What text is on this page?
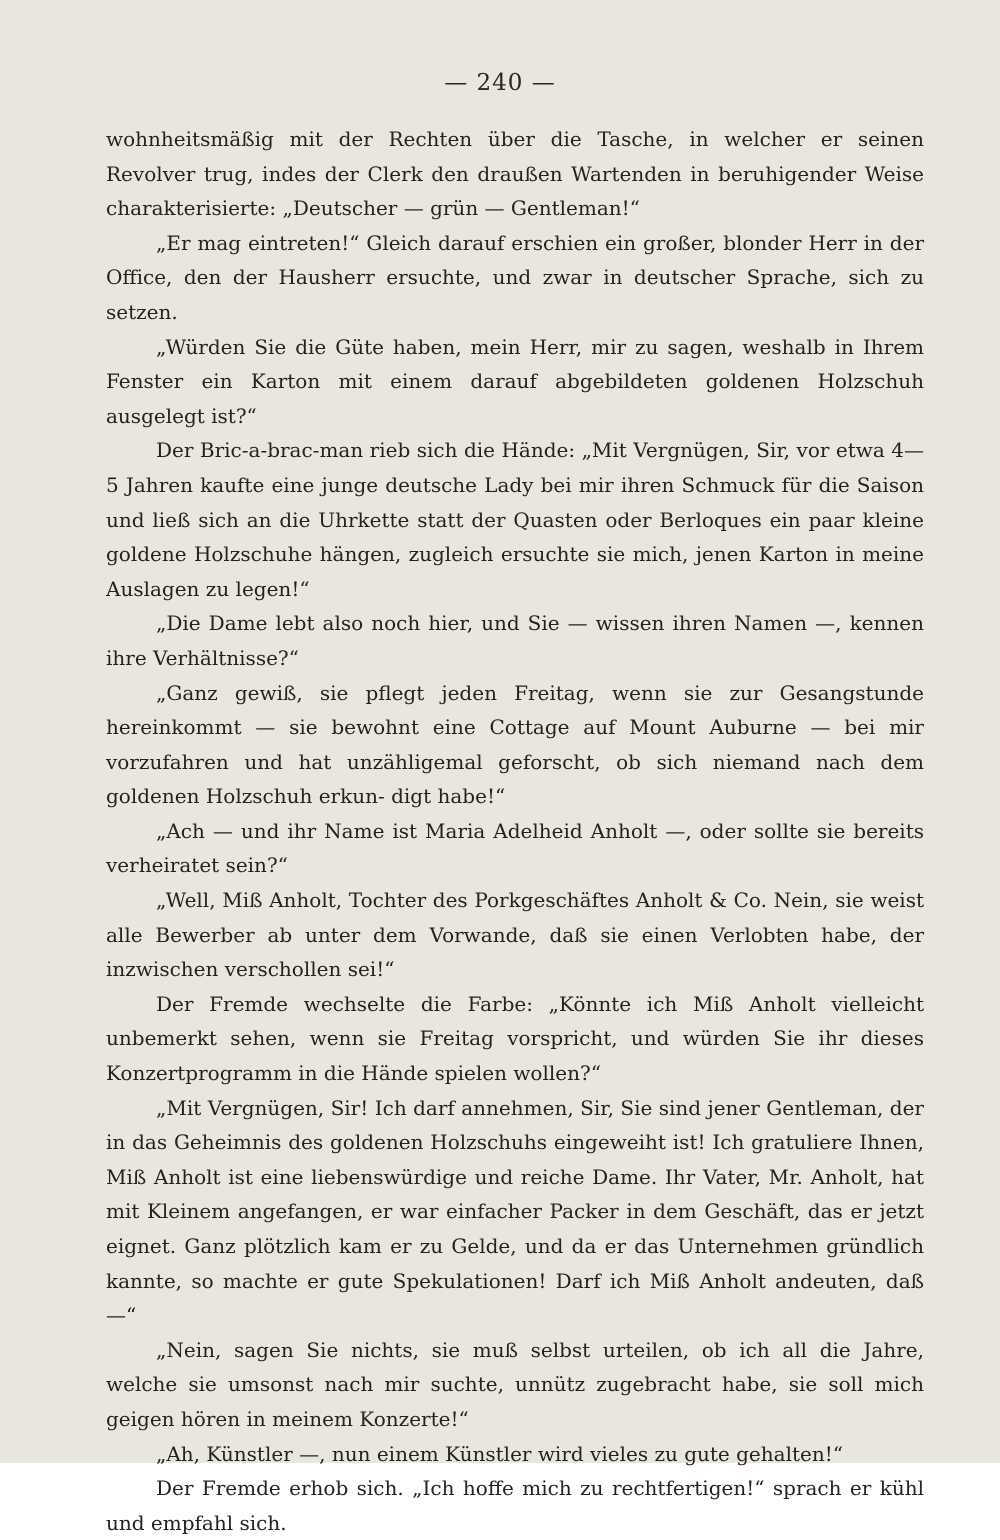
— 240 —

wohnheitsmäßig mit der Rechten über die Tasche, in welcher er seinen Revolver trug, indes der Clerk den draußen Wartenden in beruhigender Weise charakterisierte: „Deutscher — grün — Gentleman!“

„Er mag eintreten!“ Gleich darauf erschien ein großer, blonder Herr in der Office, den der Hausherr ersuchte, und zwar in deutscher Sprache, sich zu setzen.

„Würden Sie die Güte haben, mein Herr, mir zu sagen, weshalb in Ihrem Fenster ein Karton mit einem darauf abgebildeten goldenen Holzschuh ausgelegt ist?“

Der Bric-a-brac-man rieb sich die Hände: „Mit Vergnügen, Sir, vor etwa 4—5 Jahren kaufte eine junge deutsche Lady bei mir ihren Schmuck für die Saison und ließ sich an die Uhrkette statt der Quasten oder Berloques ein paar kleine goldene Holzschuhe hängen, zugleich ersuchte sie mich, jenen Karton in meine Auslagen zu legen!“

„Die Dame lebt also noch hier, und Sie — wissen ihren Namen —, kennen ihre Verhältnisse?“

„Ganz gewiß, sie pflegt jeden Freitag, wenn sie zur Gesangstunde hereinkommt — sie bewohnt eine Cottage auf Mount Auburne — bei mir vorzufahren und hat unzähligemal geforscht, ob sich niemand nach dem goldenen Holzschuh erkun- digt habe!“

„Ach — und ihr Name ist Maria Adelheid Anholt —, oder sollte sie bereits verheiratet sein?“

„Well, Miß Anholt, Tochter des Porkgeschäftes Anholt & Co. Nein, sie weist alle Bewerber ab unter dem Vorwande, daß sie einen Verlobten habe, der inzwischen verschollen sei!“

Der Fremde wechselte die Farbe: „Könnte ich Miß Anholt vielleicht unbemerkt sehen, wenn sie Freitag vorspricht, und würden Sie ihr dieses Konzertprogramm in die Hände spielen wollen?“

„Mit Vergnügen, Sir! Ich darf annehmen, Sir, Sie sind jener Gentleman, der in das Geheimnis des goldenen Holzschuhs eingeweiht ist! Ich gratuliere Ihnen, Miß Anholt ist eine liebenswürdige und reiche Dame. Ihr Vater, Mr. Anholt, hat mit Kleinem angefangen, er war einfacher Packer in dem Geschäft, das er jetzt eignet. Ganz plötzlich kam er zu Gelde, und da er das Unternehmen gründlich kannte, so machte er gute Spekulationen! Darf ich Miß Anholt andeuten, daß —“

„Nein, sagen Sie nichts, sie muß selbst urteilen, ob ich all die Jahre, welche sie umsonst nach mir suchte, unnütz zugebracht habe, sie soll mich geigen hören in meinem Konzerte!“

„Ah, Künstler —, nun einem Künstler wird vieles zu gute gehalten!“

Der Fremde erhob sich. „Ich hoffe mich zu rechtfertigen!“ sprach er kühl und empfahl sich.
